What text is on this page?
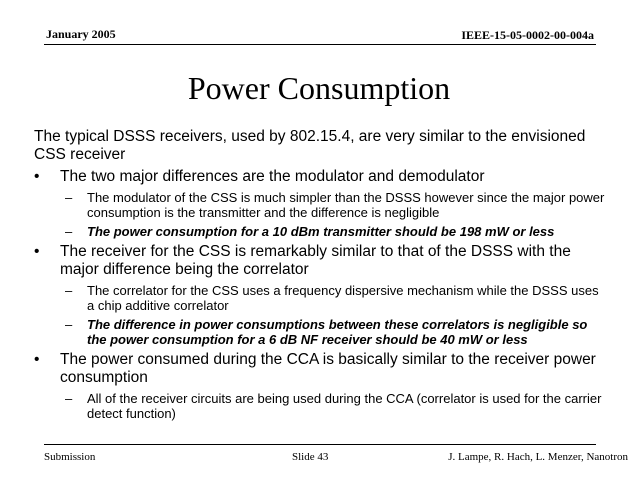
January 2005	IEEE-15-05-0002-00-004a
Power Consumption
The typical DSSS receivers, used by 802.15.4, are very similar to the envisioned CSS receiver
•	The two major differences are the modulator and demodulator
– The modulator of the CSS is much simpler than the DSSS however since the major power consumption is the transmitter and the difference is negligible
– The power consumption for a 10 dBm transmitter should be 198 mW or less
•	The receiver for the CSS is remarkably similar to that of the DSSS with the major difference being the correlator
– The correlator for the CSS uses a frequency dispersive mechanism while the DSSS uses a chip additive correlator
– The difference in power consumptions between these correlators is negligible so the power consumption for a 6 dB NF receiver should be 40 mW or less
•	The power consumed during the CCA is basically similar to the receiver power consumption
– All of the receiver circuits are being used during the CCA (correlator is used for the carrier detect function)
Submission	Slide 43	J. Lampe, R. Hach, L. Menzer, Nanotron
